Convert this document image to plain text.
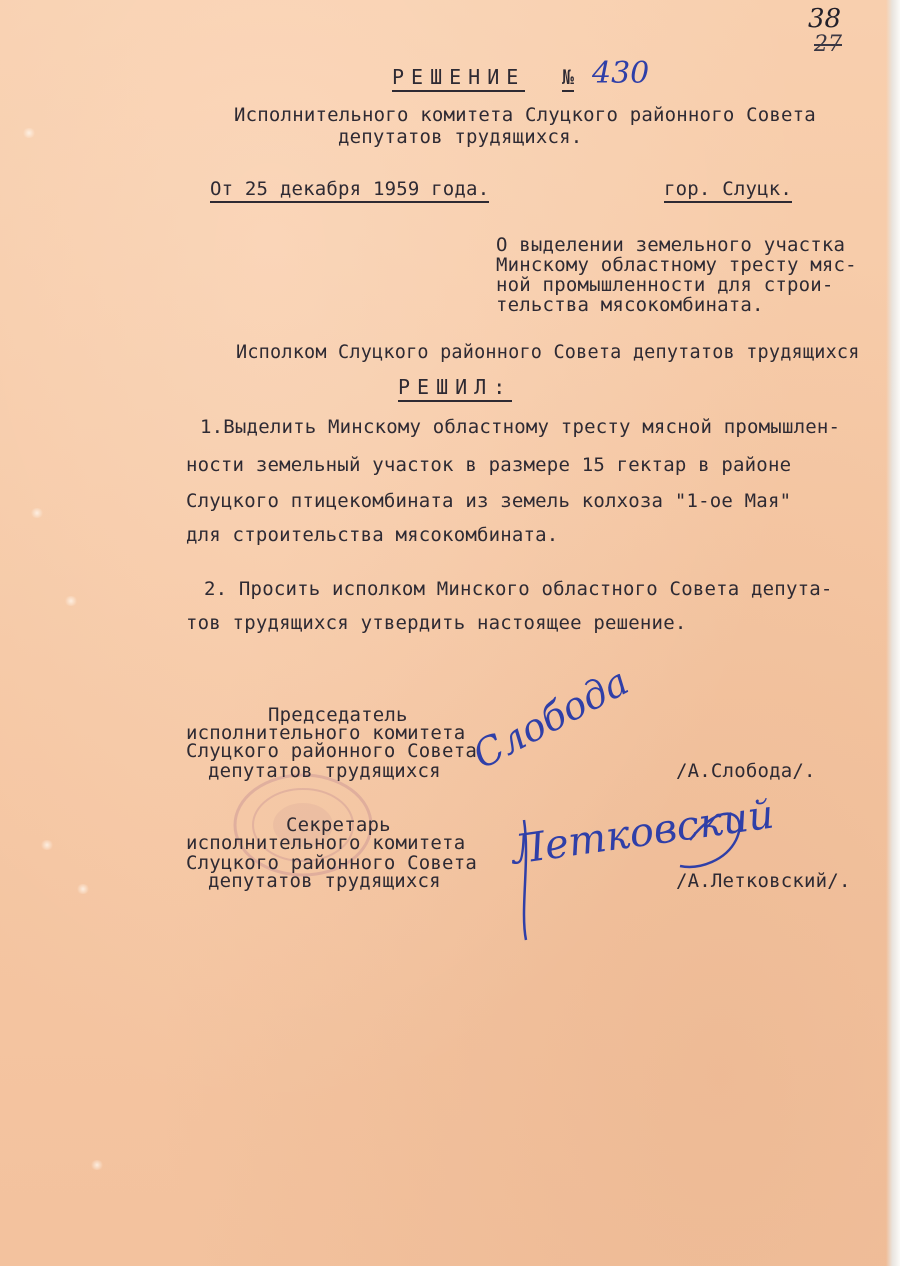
38
27
РЕШЕНИЕ № 430
Исполнительного комитета Слуцкого районного Совета
депутатов трудящихся.
От 25 декабря 1959 года.	гор. Слуцк.
О выделении земельного участка
Минскому областному тресту мяс-
ной промышленности для строи-
тельства мясокомбината.
Исполком Слуцкого районного Совета депутатов трудящихся
РЕШИЛ:
1.Выделить Минскому областному тресту мясной промышлен-
ности земельный участок в размере 15 гектар в районе
Слуцкого птицекомбината из земель колхоза "1-ое Мая"
для строительства мясокомбината.
2. Просить исполком Минского областного Совета депута-
тов трудящихся утвердить настоящее решение.
Председатель
исполнительного комитета
Слуцкого районного Совета
депутатов трудящихся	/А.Слобода/.
Слобода
Секретарь
исполнительного комитета
Слуцкого районного Совета
депутатов трудящихся	/А.Летковский/.
Летковский
